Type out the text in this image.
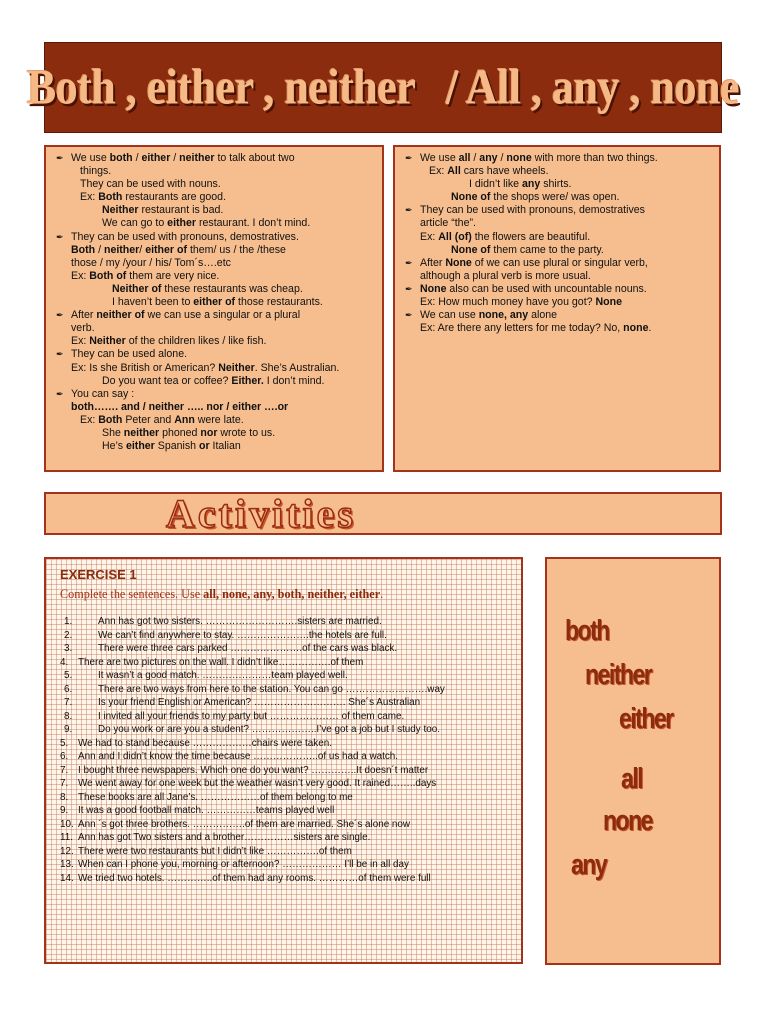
Both , either , neither   / All , any , none
✒ We use both / either / neither to talk about two
things.
They can be used with nouns.
Ex: Both restaurants are good.
Neither restaurant is bad.
We can go to either restaurant. I don’t mind.
✒ They can be used with pronouns, demostratives.
Both / neither/ either of them/ us / the /these
those / my /your / his/ Tom´s….etc
Ex: Both of them are very nice.
Neither of these restaurants was cheap.
I haven’t been to either of those restaurants.
✒ After neither of we can use a singular or a plural
verb.
Ex: Neither of the children likes / like fish.
✒ They can be used alone.
Ex: Is she British or American? Neither. She’s Australian.
Do you want tea or coffee? Either. I don’t mind.
✒ You can say :
both……. and / neither ….. nor / either ….or
Ex: Both Peter and Ann were late.
She neither phoned nor wrote to us.
He’s either Spanish or Italian
✒ We use all / any / none with more than two things.
Ex: All cars have wheels.
I didn’t like any shirts.
None of the shops were/ was open.
✒ They can be used with pronouns, demostratives
article “the”.
Ex: All (of) the flowers are beautiful.
None of them came to the party.
✒ After None of we can use plural or singular verb,
although a plural verb is more usual.
✒ None also can be used with uncountable nouns.
Ex: How much money have you got? None
✒ We can use none, any alone
Ex: Are there any letters for me today? No, none.
Activities
EXERCISE 1
Complete the sentences. Use all, none, any, both, neither, either.
1.	Ann has got two sisters. ……………………….sisters are married.
2.	We can’t find anywhere to stay. ………………….the hotels are full.
3.	There were three cars parked ………………….of the cars was black.
4. There are two pictures on the wall. I didn’t like…………….of them
5.	It wasn’t a good match. …………………team played well.
6.	There are two ways from here to the station. You can go …………………….way
7.	Is your friend English or American? ………………………. She´s Australian
8.	I invited all your friends to my party but ………………… of them came.
9.	Do you work or are you a student? ………………..I’ve got a job but I study too.
5. We had to stand because ………………chairs were taken.
6. Ann and I didn’t know the time because ………………..of us had a watch.
7. I bought three newspapers. Which one do you want? …………..It doesn´t matter
7. We went away for one week but the weather wasn’t very good. It rained……..days
8. These books are all Jane’s. ………………of them belong to me
9. It was a good football match. ……………teams played well
10. Ann ´s got three brothers. …………….of them are married. She´s alone now
11. Ann has got Two sisters and a brother……………sisters are single.
12. There were two restaurants but I didn’t like …………….of them
13. When can I phone you, morning or afternoon? ……………… I’ll be in all day
14. We tried two hotels. …………..of them had any rooms. …………of them were full
both
neither
either
all
none
any
